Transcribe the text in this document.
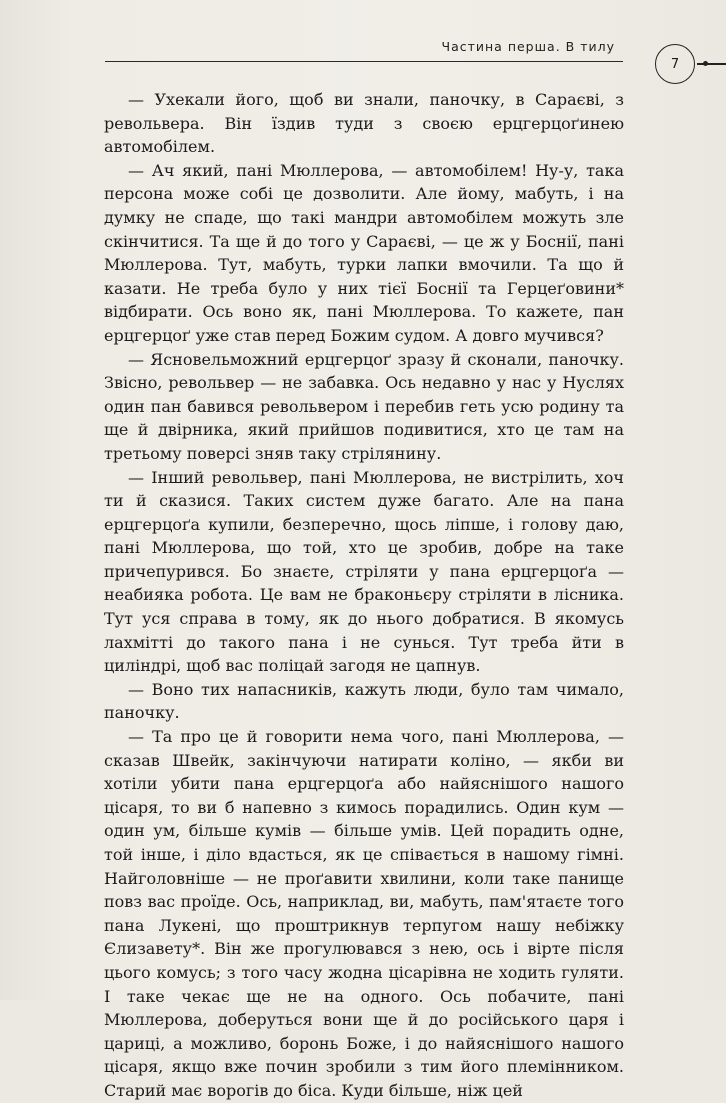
Частина перша. В тилу
7

— Ухекали його, щоб ви знали, паночку, в Сараєві, з револьвера. Він їздив туди з своєю ерцгерцоґинею автомобілем.

— Ач який, пані Мюллерова, — автомобілем! Ну-у, така персона може собі це дозволити. Але йому, мабуть, і на думку не спаде, що такі мандри автомобілем можуть зле скінчитися. Та ще й до того у Сараєві, — це ж у Боснії, пані Мюллерова. Тут, мабуть, турки лапки вмочили. Та що й казати. Не треба було у них тієї Боснії та Герцеґовини* відбирати. Ось воно як, пані Мюллерова. То кажете, пан ерцгерцоґ уже став перед Божим судом. А довго мучився?

— Ясновельможний ерцгерцоґ зразу й сконали, паночку. Звісно, револьвер — не забавка. Ось недавно у нас у Нуслях один пан бавився револьвером і перебив геть усю родину та ще й двірника, який прийшов подивитися, хто це там на третьому поверсі зняв таку стрілянину.

— Інший револьвер, пані Мюллерова, не вистрілить, хоч ти й сказися. Таких систем дуже багато. Але на пана ерцгерцоґа купили, безперечно, щось ліпше, і голову даю, пані Мюллерова, що той, хто це зробив, добре на таке причепурився. Бо знаєте, стріляти у пана ерцгерцоґа — неабияка робота. Це вам не браконьєру стріляти в лісника. Тут уся справа в тому, як до нього добратися. В якомусь лахмітті до такого пана і не сунься. Тут треба йти в циліндрі, щоб вас поліцай загодя не цапнув.

— Воно тих напасників, кажуть люди, було там чимало, паночку.

— Та про це й говорити нема чого, пані Мюллерова, — сказав Швейк, закінчуючи натирати коліно, — якби ви хотіли убити пана ерцгерцоґа або найяснішого нашого цісаря, то ви б напевно з кимось порадились. Один кум — один ум, більше кумів — більше умів. Цей порадить одне, той інше, і діло вдасться, як це співається в нашому гімні. Найголовніше — не проґавити хвилини, коли таке панище повз вас проїде. Ось, наприклад, ви, мабуть, пам'ятаєте того пана Лукені, що проштрикнув терпугом нашу небіжку Єлизавету*. Він же прогулювався з нею, ось і вірте після цього комусь; з того часу жодна цісарівна не ходить гуляти. І таке чекає ще не на одного. Ось побачите, пані Мюллерова, доберуться вони ще й до російського царя і цариці, а можливо, боронь Боже, і до найяснішого нашого цісаря, якщо вже почин зробили з тим його племінником. Старий має ворогів до біса. Куди більше, ніж цей
